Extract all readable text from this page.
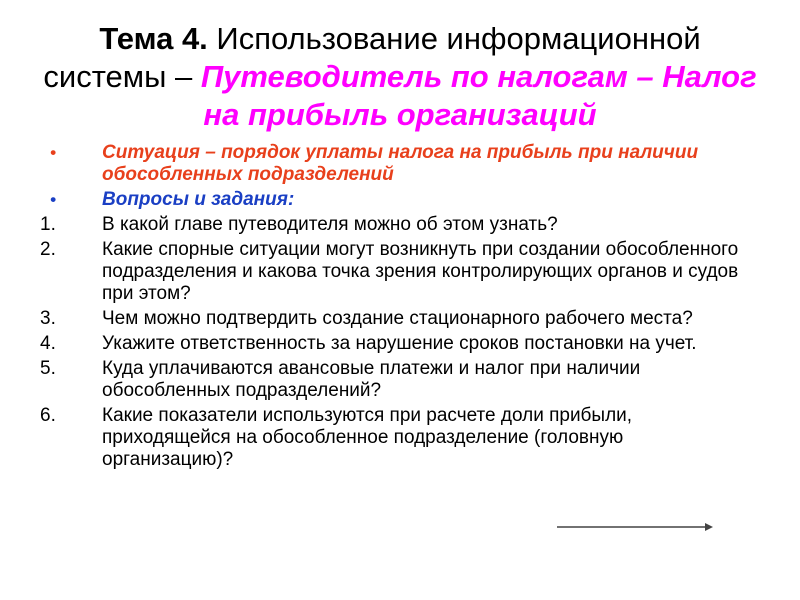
Тема 4. Использование информационной системы – Путеводитель по налогам – Налог на прибыль организаций
• Ситуация – порядок уплаты налога на прибыль при наличии обособленных подразделений
• Вопросы и задания:
1. В какой главе путеводителя можно об этом узнать?
2. Какие спорные ситуации могут возникнуть при создании обособленного подразделения и какова точка зрения контролирующих органов и судов при этом?
3. Чем можно подтвердить создание стационарного рабочего места?
4. Укажите ответственность за нарушение сроков постановки на учет.
5. Куда уплачиваются авансовые платежи и налог при наличии обособленных подразделений?
6. Какие показатели используются при расчете доли прибыли, приходящейся на обособленное подразделение (головную организацию)?
